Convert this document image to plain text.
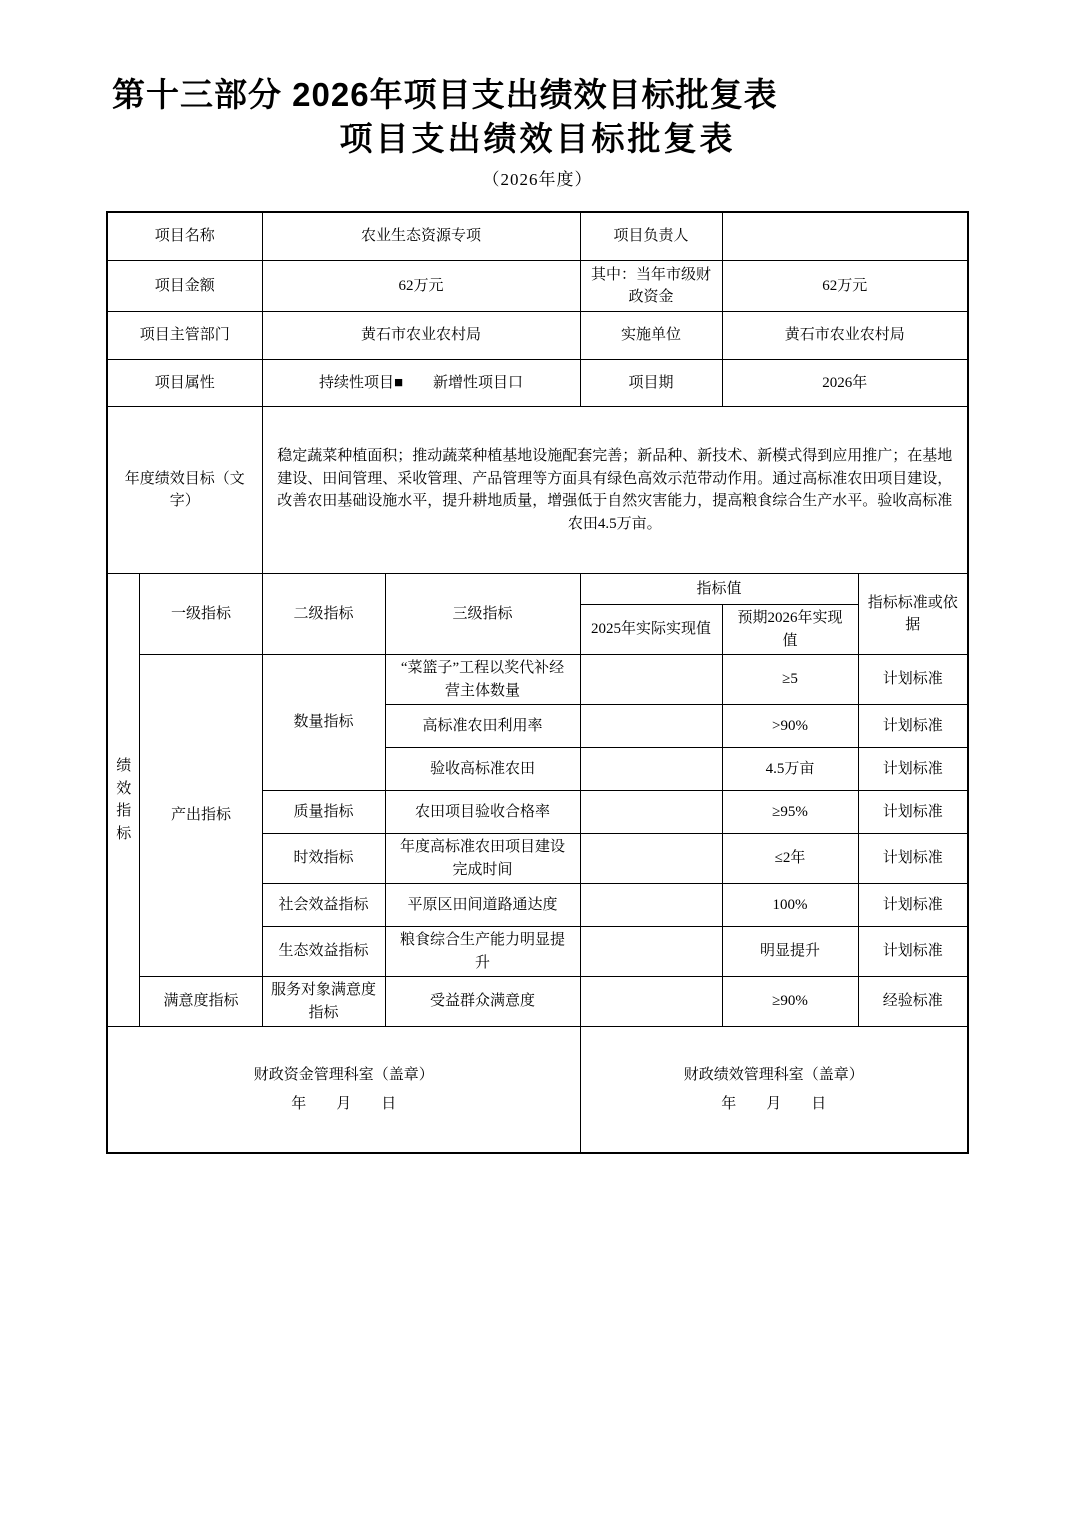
第十三部分 2026年项目支出绩效目标批复表
项目支出绩效目标批复表
（2026年度）
项目名称		农业生态资源专项		项目负责人		
项目金额		62万元		其中：当年市级财政资金	62万元	
项目主管部门		黄石市农业农村局		实施单位	黄石市农业农村局	
项目属性		持续性项目■　　新增性项目口		项目期	2026年	
年度绩效目标（文字）		稳定蔬菜种植面积；推动蔬菜种植基地设施配套完善；新品种、新技术、新模式得到应用推广；在基地建设、田间管理、采收管理、产品管理等方面具有绿色高效示范带动作用。通过高标准农田项目建设，改善农田基础设施水平，提升耕地质量，增强低于自然灾害能力，提高粮食综合生产水平。验收高标准农田4.5万亩。				
绩效指标	一级指标	二级指标	三级指标	指标值		指标标准或依据
				2025年实际实现值	预期2026年实现值	
	产出指标	数量指标	“菜篮子”工程以奖代补经营主体数量		≥5	计划标准
			高标准农田利用率		>90%	计划标准
			验收高标准农田		4.5万亩	计划标准
		质量指标	农田项目验收合格率		≥95%	计划标准
		时效指标	年度高标准农田项目建设完成时间		≤2年	计划标准
		社会效益指标	平原区田间道路通达度		100%	计划标准
		生态效益指标	粮食综合生产能力明显提升		明显提升	计划标准
	满意度指标	服务对象满意度指标	受益群众满意度		≥90%	经验标准

财政资金管理科室（盖章）
年　　月　　日

财政绩效管理科室（盖章）
年　　月　　日
